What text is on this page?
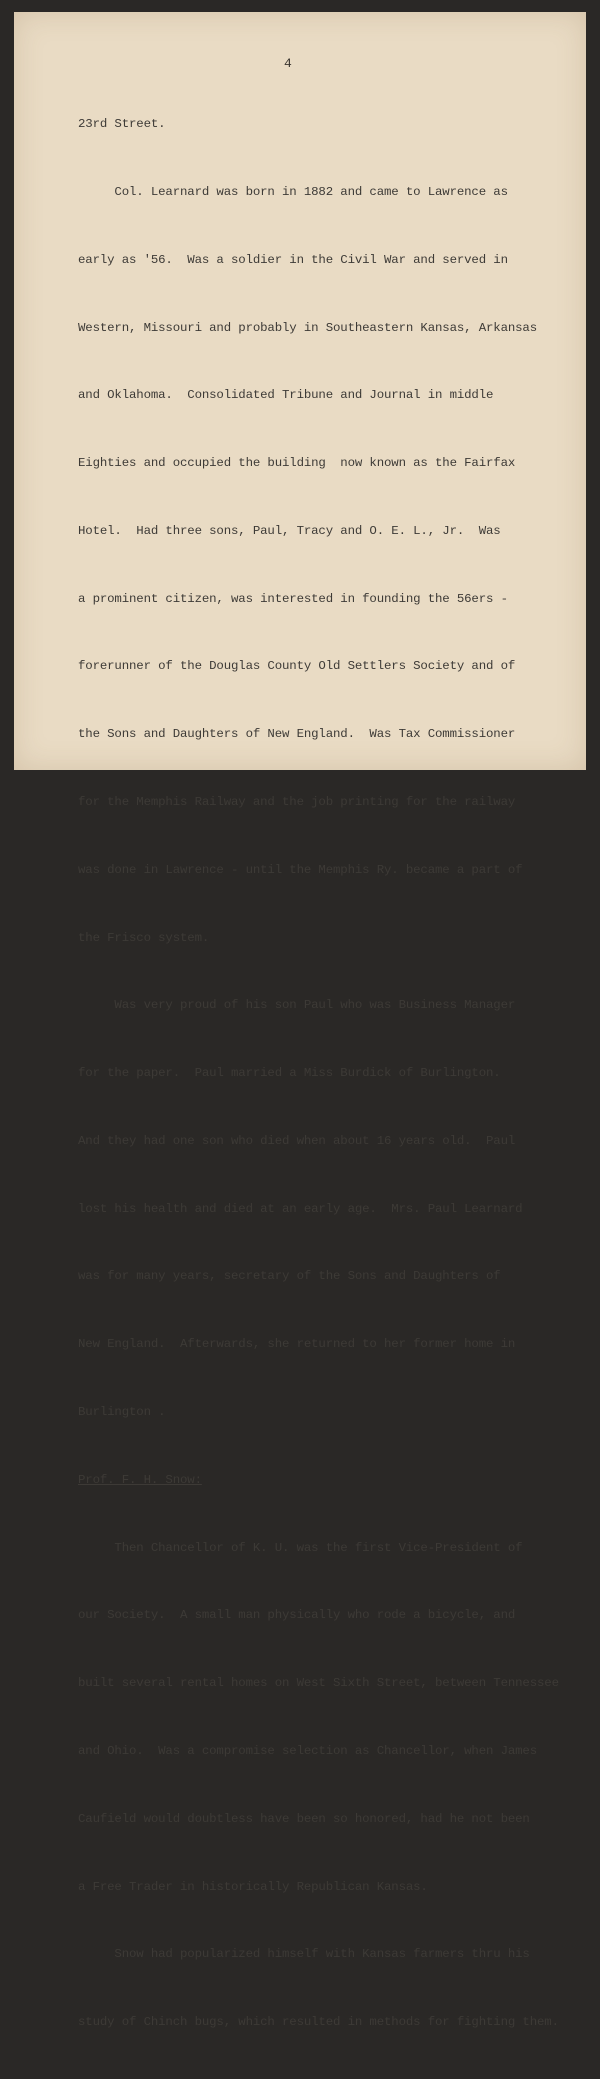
4

23rd Street.

Col. Learnard was born in 1882 and came to Lawrence as

early as '56.  Was a soldier in the Civil War and served in

Western, Missouri and probably in Southeastern Kansas, Arkansas

and Oklahoma.  Consolidated Tribune and Journal in middle

Eighties and occupied the building  now known as the Fairfax

Hotel.  Had three sons, Paul, Tracy and O. E. L., Jr.  Was

a prominent citizen, was interested in founding the 56ers -

forerunner of the Douglas County Old Settlers Society and of

the Sons and Daughters of New England.  Was Tax Commissioner

for the Memphis Railway and the job printing for the railway

was done in Lawrence - until the Memphis Ry. became a part of

the Frisco system.

Was very proud of his son Paul who was Business Manager

for the paper.  Paul married a Miss Burdick of Burlington.

And they had one son who died when about 16 years old.  Paul

lost his health and died at an early age.  Mrs. Paul Learnard

was for many years, secretary of the Sons and Daughters of

New England.  Afterwards, she returned to her former home in

Burlington .

Prof. F. H. Snow:

Then Chancellor of K. U. was the first Vice-President of

our Society.  A small man physically who rode a bicycle, and

built several rental homes on West Sixth Street, between Tennessee

and Ohio.  Was a compromise selection as Chancellor, when James

Caufield would doubtless have been so honored, had he not been

a Free Trader in historically Republican Kansas.

Snow had popularized himself with Kansas farmers thru his

study of Chinch bugs, which resulted in methods for fighting them.
